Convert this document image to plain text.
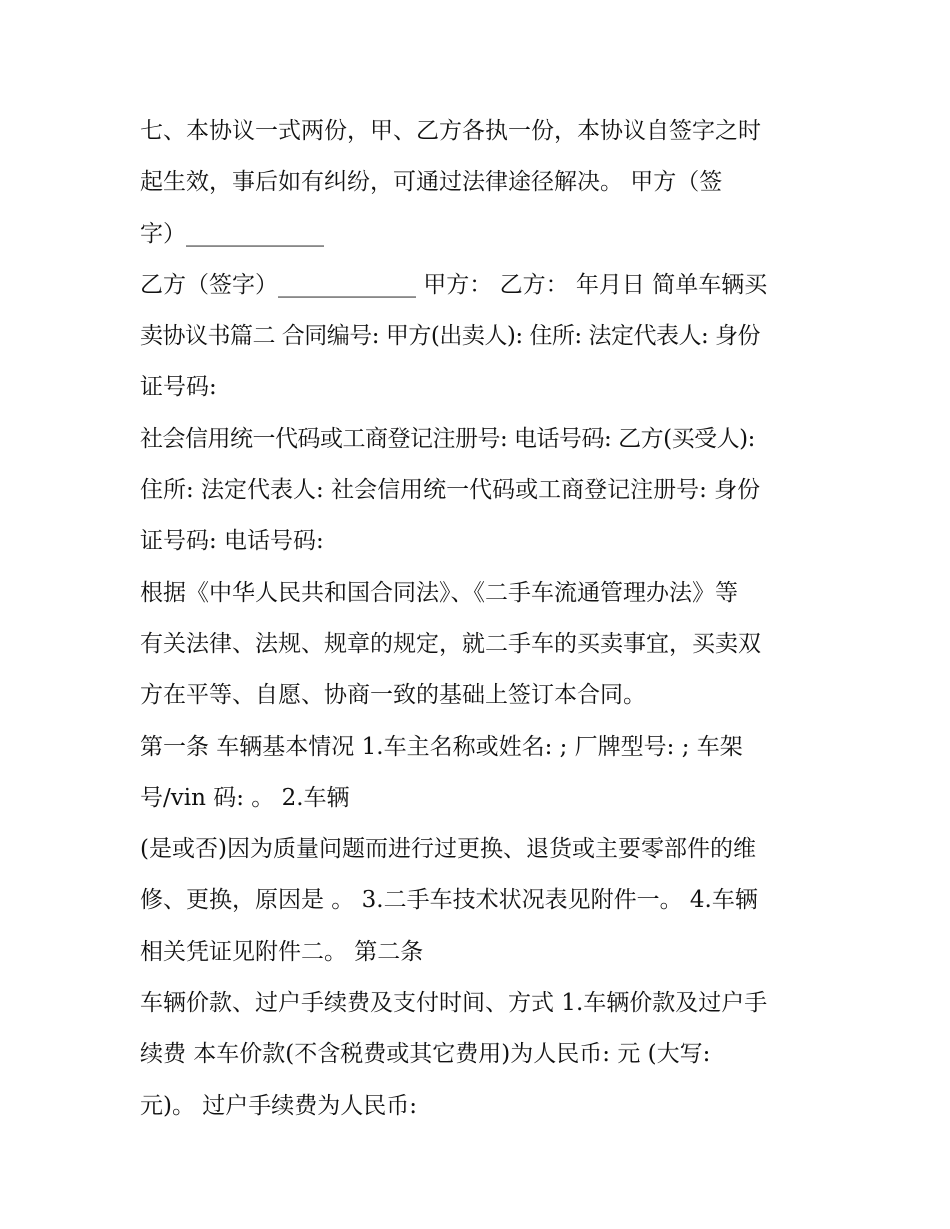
七、本协议一式两份，甲、乙方各执一份，本协议自签字之时
起生效，事后如有纠纷，可通过法律途径解决。 甲方（签
字）____________
乙方（签字）____________ 甲方： 乙方： 年月日 简单车辆买
卖协议书篇二 合同编号: 甲方(出卖人): 住所: 法定代表人: 身份
证号码:
社会信用统一代码或工商登记注册号: 电话号码: 乙方(买受人):
住所: 法定代表人: 社会信用统一代码或工商登记注册号: 身份
证号码: 电话号码:
根据《中华人民共和国合同法》、《二手车流通管理办法》等
有关法律、法规、规章的规定，就二手车的买卖事宜，买卖双
方在平等、自愿、协商一致的基础上签订本合同。
第一条 车辆基本情况 1.车主名称或姓名: ; 厂牌型号: ; 车架
号/vin 码: 。 2.车辆
(是或否)因为质量问题而进行过更换、退货或主要零部件的维
修、更换，原因是 。 3.二手车技术状况表见附件一。 4.车辆
相关凭证见附件二。 第二条
车辆价款、过户手续费及支付时间、方式 1.车辆价款及过户手
续费 本车价款(不含税费或其它费用)为人民币: 元 (大写:
元)。 过户手续费为人民币:
